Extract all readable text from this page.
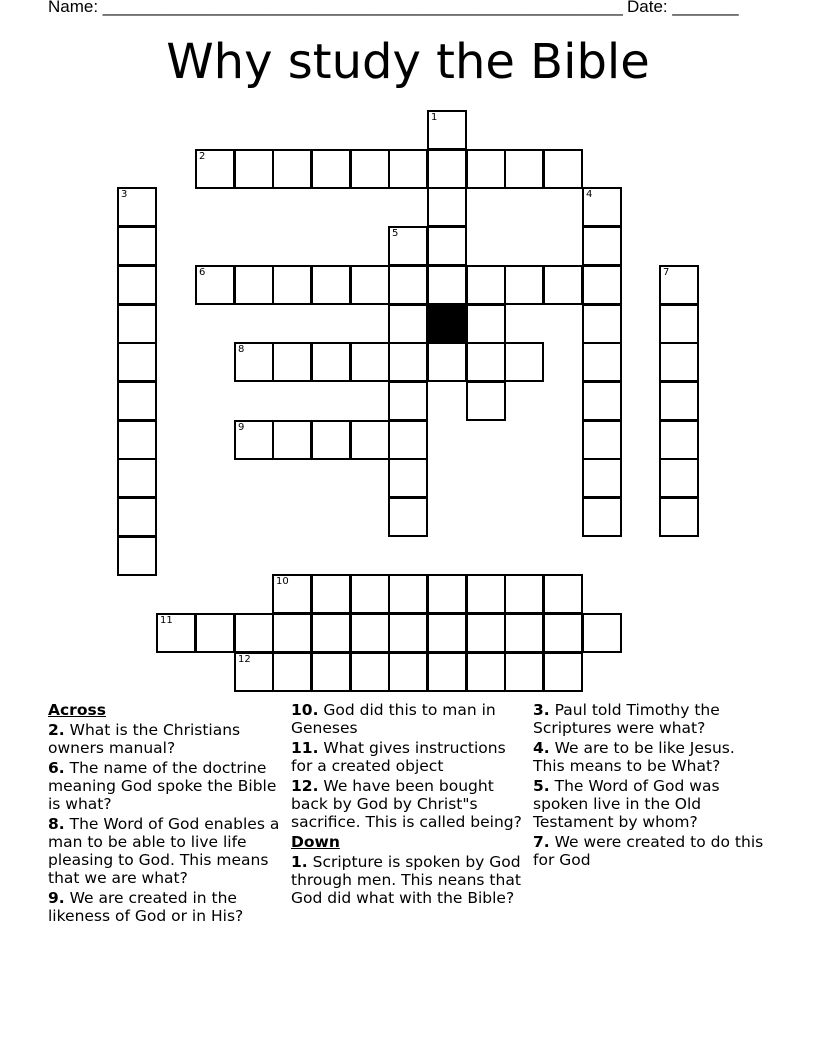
Name: _______________________________________________________ Date: _______
Why study the Bible
1
2
3	4
5
6	7
8
9
10
11
12
Across
2. What is the Christians owners manual?
6. The name of the doctrine meaning God spoke the Bible is what?
8. The Word of God enables a man to be able to live life pleasing to God. This means that we are what?
9. We are created in the likeness of God or in His?
10. God did this to man in Geneses
11. What gives instructions for a created object
12. We have been bought back by God by Christ"s sacrifice. This is called being?
Down
1. Scripture is spoken by God through men. This neans that God did what with the Bible?
3. Paul told Timothy the Scriptures were what?
4. We are to be like Jesus. This means to be What?
5. The Word of God was spoken live in the Old Testament by whom?
7. We were created to do this for God
